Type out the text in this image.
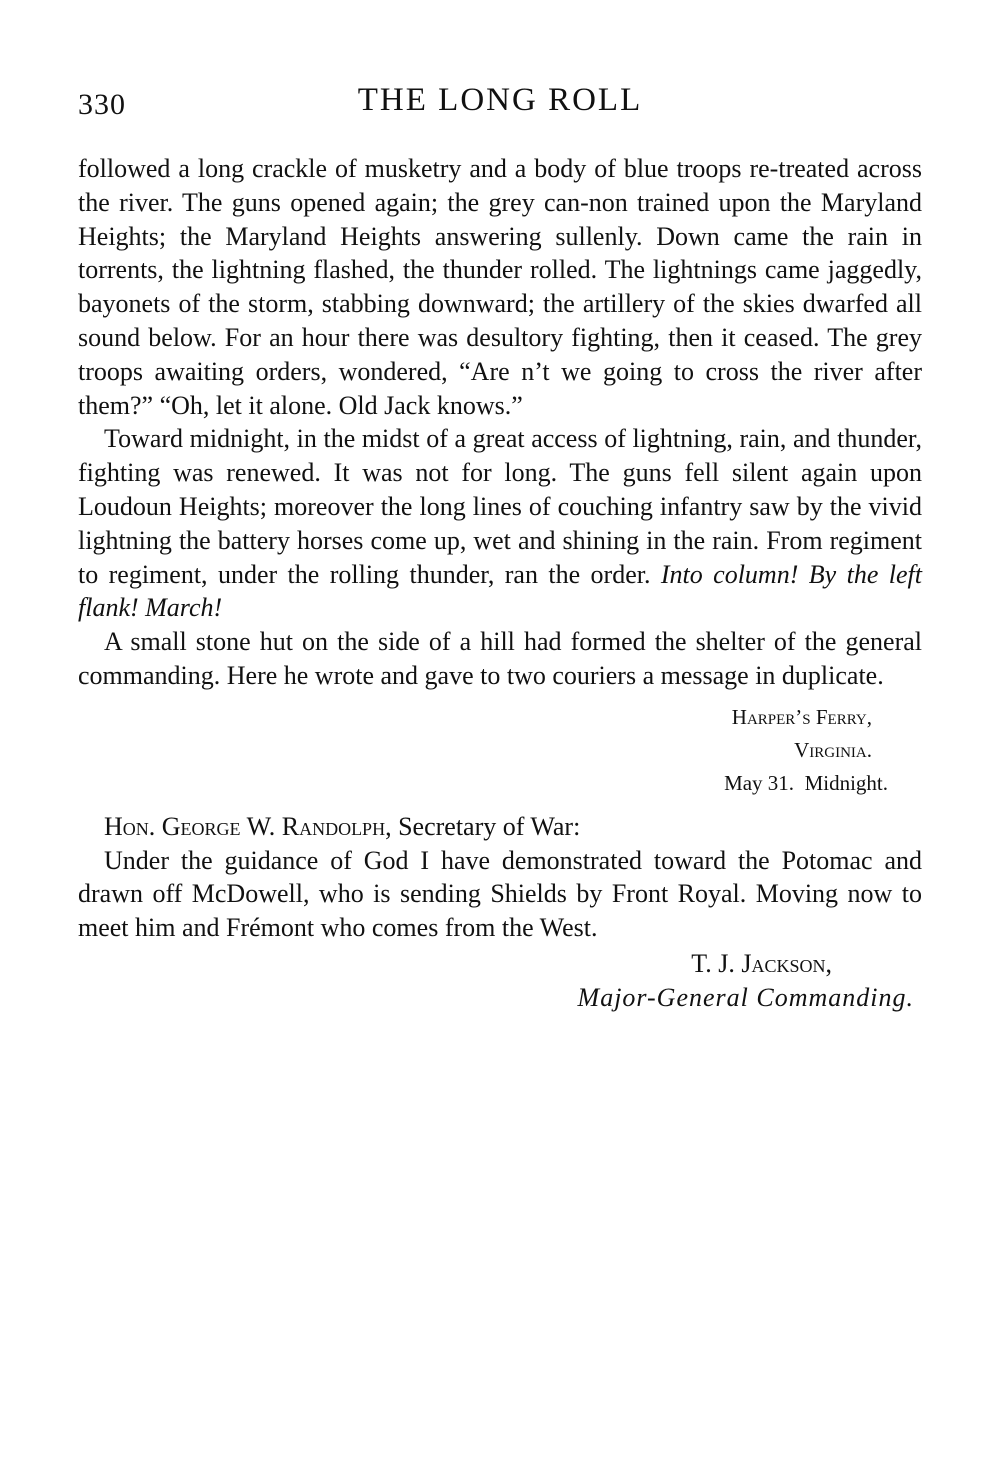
330	THE LONG ROLL

followed a long crackle of musketry and a body of blue troops re-treated across the river. The guns opened again; the grey can-non trained upon the Maryland Heights; the Maryland Heights answering sullenly. Down came the rain in torrents, the lightning flashed, the thunder rolled. The lightnings came jaggedly, bayonets of the storm, stabbing downward; the artillery of the skies dwarfed all sound below. For an hour there was desultory fighting, then it ceased. The grey troops awaiting orders, wondered, “Are n’t we going to cross the river after them?” “Oh, let it alone. Old Jack knows.”

Toward midnight, in the midst of a great access of lightning, rain, and thunder, fighting was renewed. It was not for long. The guns fell silent again upon Loudoun Heights; moreover the long lines of couching infantry saw by the vivid lightning the battery horses come up, wet and shining in the rain. From regiment to regiment, under the rolling thunder, ran the order. Into column! By the left flank! March!

A small stone hut on the side of a hill had formed the shelter of the general commanding. Here he wrote and gave to two couriers a message in duplicate.

Harper’s Ferry,
Virginia.
May 31. Midnight.

Hon. George W. Randolph, Secretary of War:

Under the guidance of God I have demonstrated toward the Potomac and drawn off McDowell, who is sending Shields by Front Royal. Moving now to meet him and Frémont who comes from the West.

T. J. Jackson,
Major-General Commanding.
